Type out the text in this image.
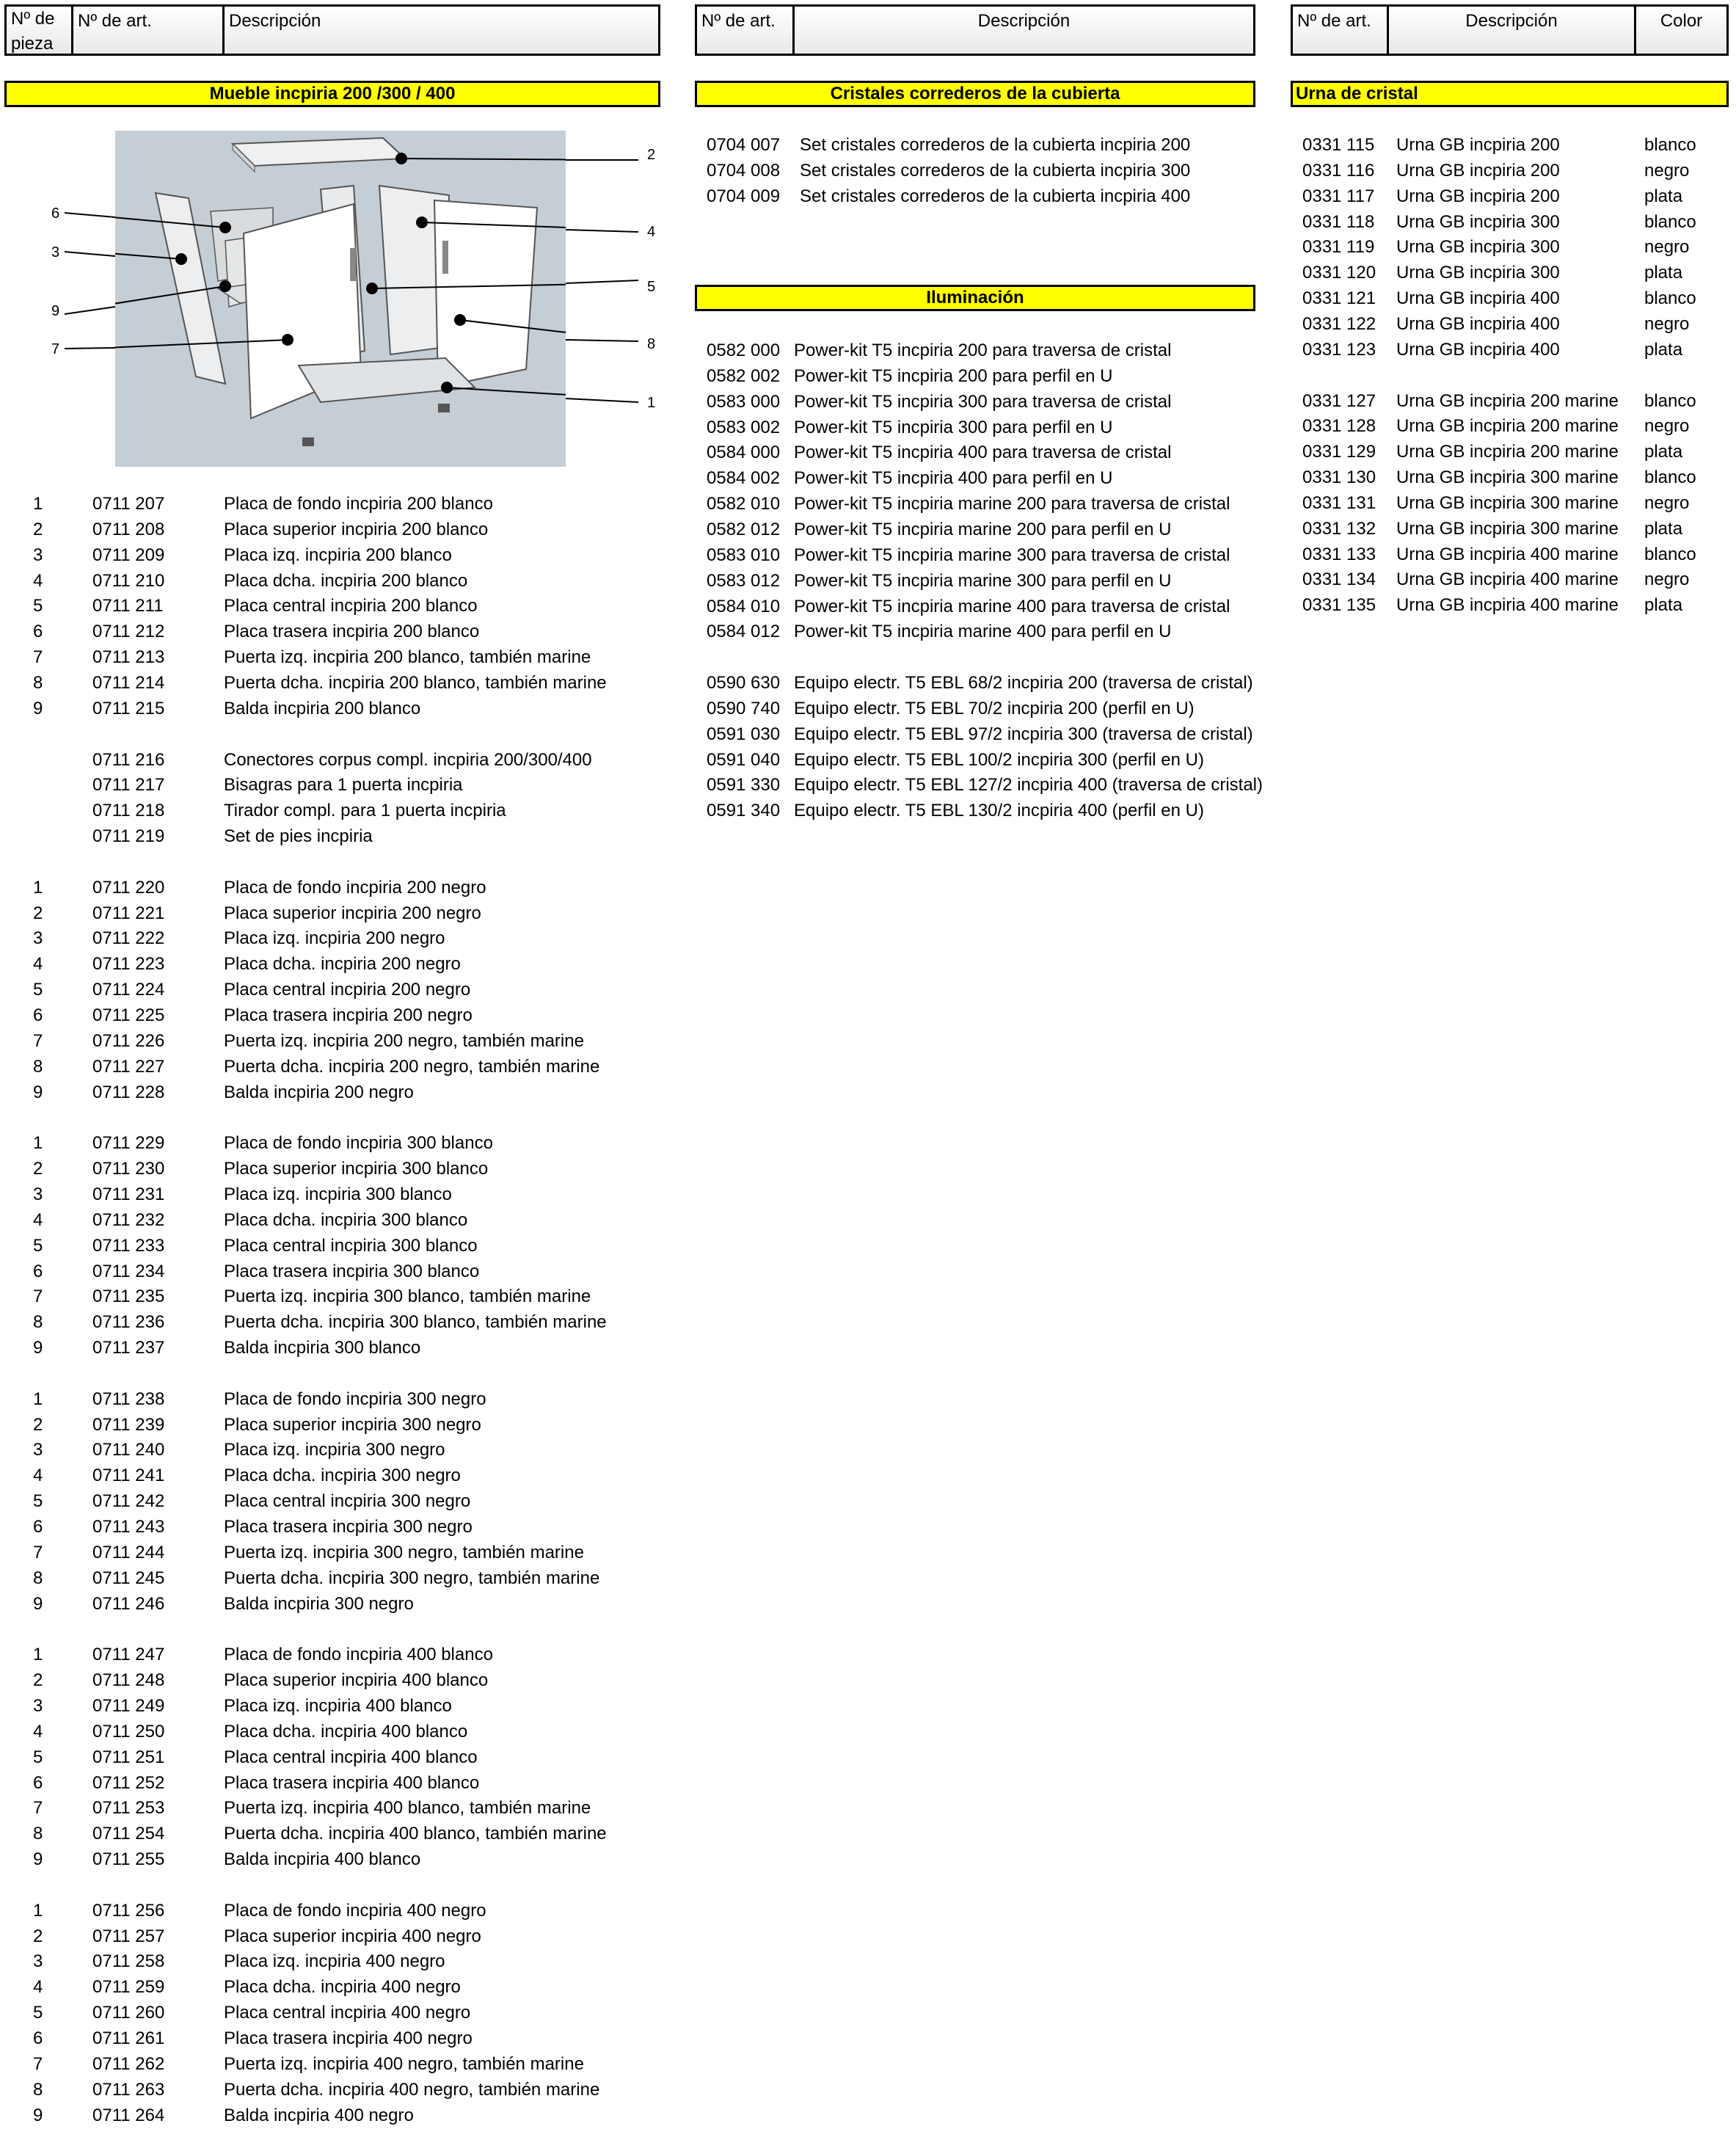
Nº de
pieza
Nº de art.	Descripción	Nº de art.	Descripción	Nº de art.	Descripción	Color
Mueble incpiria 200 /300 / 400	Cristales correderos de la cubierta	Urna de cristal
Iluminación
6
3
9
7
2
4
5
8
1
1	0711 207	Placa de fondo incpiria 200 blanco
2	0711 208	Placa superior incpiria 200 blanco
3	0711 209	Placa izq. incpiria 200 blanco
4	0711 210	Placa dcha. incpiria 200 blanco
5	0711 211	Placa central incpiria 200 blanco
6	0711 212	Placa trasera incpiria 200 blanco
7	0711 213	Puerta izq. incpiria 200 blanco, también marine
8	0711 214	Puerta dcha. incpiria 200 blanco, también marine
9	0711 215	Balda incpiria 200 blanco
0711 216	Conectores corpus compl. incpiria 200/300/400
0711 217	Bisagras para 1 puerta incpiria
0711 218	Tirador compl. para 1 puerta incpiria
0711 219	Set de pies incpiria
1	0711 220	Placa de fondo incpiria 200 negro
2	0711 221	Placa superior incpiria 200 negro
3	0711 222	Placa izq. incpiria 200 negro
4	0711 223	Placa dcha. incpiria 200 negro
5	0711 224	Placa central incpiria 200 negro
6	0711 225	Placa trasera incpiria 200 negro
7	0711 226	Puerta izq. incpiria 200 negro, también marine
8	0711 227	Puerta dcha. incpiria 200 negro, también marine
9	0711 228	Balda incpiria 200 negro
1	0711 229	Placa de fondo incpiria 300 blanco
2	0711 230	Placa superior incpiria 300 blanco
3	0711 231	Placa izq. incpiria 300 blanco
4	0711 232	Placa dcha. incpiria 300 blanco
5	0711 233	Placa central incpiria 300 blanco
6	0711 234	Placa trasera incpiria 300 blanco
7	0711 235	Puerta izq. incpiria 300 blanco, también marine
8	0711 236	Puerta dcha. incpiria 300 blanco, también marine
9	0711 237	Balda incpiria 300 blanco
1	0711 238	Placa de fondo incpiria 300 negro
2	0711 239	Placa superior incpiria 300 negro
3	0711 240	Placa izq. incpiria 300 negro
4	0711 241	Placa dcha. incpiria 300 negro
5	0711 242	Placa central incpiria 300 negro
6	0711 243	Placa trasera incpiria 300 negro
7	0711 244	Puerta izq. incpiria 300 negro, también marine
8	0711 245	Puerta dcha. incpiria 300 negro, también marine
9	0711 246	Balda incpiria 300 negro
1	0711 247	Placa de fondo incpiria 400 blanco
2	0711 248	Placa superior incpiria 400 blanco
3	0711 249	Placa izq. incpiria 400 blanco
4	0711 250	Placa dcha. incpiria 400 blanco
5	0711 251	Placa central incpiria 400 blanco
6	0711 252	Placa trasera incpiria 400 blanco
7	0711 253	Puerta izq. incpiria 400 blanco, también marine
8	0711 254	Puerta dcha. incpiria 400 blanco, también marine
9	0711 255	Balda incpiria 400 blanco
1	0711 256	Placa de fondo incpiria 400 negro
2	0711 257	Placa superior incpiria 400 negro
3	0711 258	Placa izq. incpiria 400 negro
4	0711 259	Placa dcha. incpiria 400 negro
5	0711 260	Placa central incpiria 400 negro
6	0711 261	Placa trasera incpiria 400 negro
7	0711 262	Puerta izq. incpiria 400 negro, también marine
8	0711 263	Puerta dcha. incpiria 400 negro, también marine
9	0711 264	Balda incpiria 400 negro
0704 007 Set cristales correderos de la cubierta incpiria 200
0704 008 Set cristales correderos de la cubierta incpiria 300
0704 009 Set cristales correderos de la cubierta incpiria 400
0582 000 Power-kit T5 incpiria 200 para traversa de cristal
0582 002 Power-kit T5 incpiria 200 para perfil en U
0583 000 Power-kit T5 incpiria 300 para traversa de cristal
0583 002 Power-kit T5 incpiria 300 para perfil en U
0584 000 Power-kit T5 incpiria 400 para traversa de cristal
0584 002 Power-kit T5 incpiria 400 para perfil en U
0582 010 Power-kit T5 incpiria marine 200 para traversa de cristal
0582 012 Power-kit T5 incpiria marine 200 para perfil en U
0583 010 Power-kit T5 incpiria marine 300 para traversa de cristal
0583 012 Power-kit T5 incpiria marine 300 para perfil en U
0584 010 Power-kit T5 incpiria marine 400 para traversa de cristal
0584 012 Power-kit T5 incpiria marine 400 para perfil en U
0590 630 Equipo electr. T5 EBL 68/2 incpiria 200 (traversa de cristal)
0590 740 Equipo electr. T5 EBL 70/2 incpiria 200 (perfil en U)
0591 030 Equipo electr. T5 EBL 97/2 incpiria 300 (traversa de cristal)
0591 040 Equipo electr. T5 EBL 100/2 incpiria 300 (perfil en U)
0591 330 Equipo electr. T5 EBL 127/2 incpiria 400 (traversa de cristal)
0591 340 Equipo electr. T5 EBL 130/2 incpiria 400 (perfil en U)
0331 115 Urna GB incpiria 200	blanco
0331 116 Urna GB incpiria 200	negro
0331 117 Urna GB incpiria 200	plata
0331 118 Urna GB incpiria 300	blanco
0331 119 Urna GB incpiria 300	negro
0331 120 Urna GB incpiria 300	plata
0331 121 Urna GB incpiria 400	blanco
0331 122 Urna GB incpiria 400	negro
0331 123 Urna GB incpiria 400	plata
0331 127 Urna GB incpiria 200 marine blanco
0331 128 Urna GB incpiria 200 marine negro
0331 129 Urna GB incpiria 200 marine plata
0331 130 Urna GB incpiria 300 marine blanco
0331 131 Urna GB incpiria 300 marine negro
0331 132 Urna GB incpiria 300 marine plata
0331 133 Urna GB incpiria 400 marine blanco
0331 134 Urna GB incpiria 400 marine negro
0331 135 Urna GB incpiria 400 marine plata
